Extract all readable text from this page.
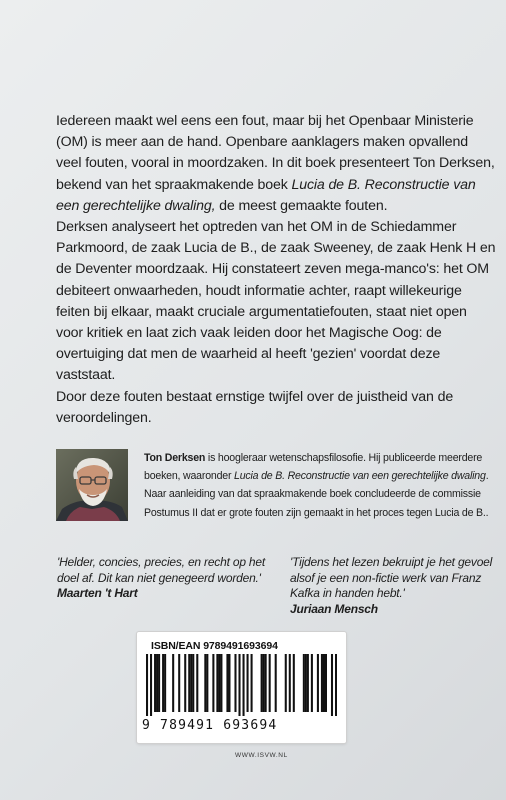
Iedereen maakt wel eens een fout, maar bij het Openbaar Ministerie (OM) is meer aan de hand. Openbare aanklagers maken opvallend veel fouten, vooral in moordzaken. In dit boek presenteert Ton Derksen, bekend van het spraakmakende boek Lucia de B. Reconstructie van een gerechtelijke dwaling, de meest gemaakte fouten.

Derksen analyseert het optreden van het OM in de Schiedammer Parkmoord, de zaak Lucia de B., de zaak Sweeney, de zaak Henk H en de Deventer moordzaak. Hij constateert zeven mega-manco's: het OM debiteert onwaarheden, houdt informatie achter, raapt willekeurige feiten bij elkaar, maakt cruciale argumentatiefouten, staat niet open voor kritiek en laat zich vaak leiden door het Magische Oog: de overtuiging dat men de waarheid al heeft 'gezien' voordat deze vaststaat.

Door deze fouten bestaat ernstige twijfel over de juistheid van de veroordelingen.

Ton Derksen is hoogleraar wetenschapsfilosofie. Hij publiceerde meerdere boeken, waaronder Lucia de B. Reconstructie van een gerechtelijke dwaling. Naar aanleiding van dat spraakmakende boek concludeerde de commissie Postumus II dat er grote fouten zijn gemaakt in het proces tegen Lucia de B..
'Helder, concies, precies, en recht op het doel af. Dit kan niet genegeerd worden.'
Maarten 't Hart
'Tijdens het lezen bekruipt je het gevoel alsof je een non-fictie werk van Franz Kafka in handen hebt.'
Juriaan Mensch
ISBN/EAN 9789491693694
9 789491 693694
WWW.ISVW.NL
